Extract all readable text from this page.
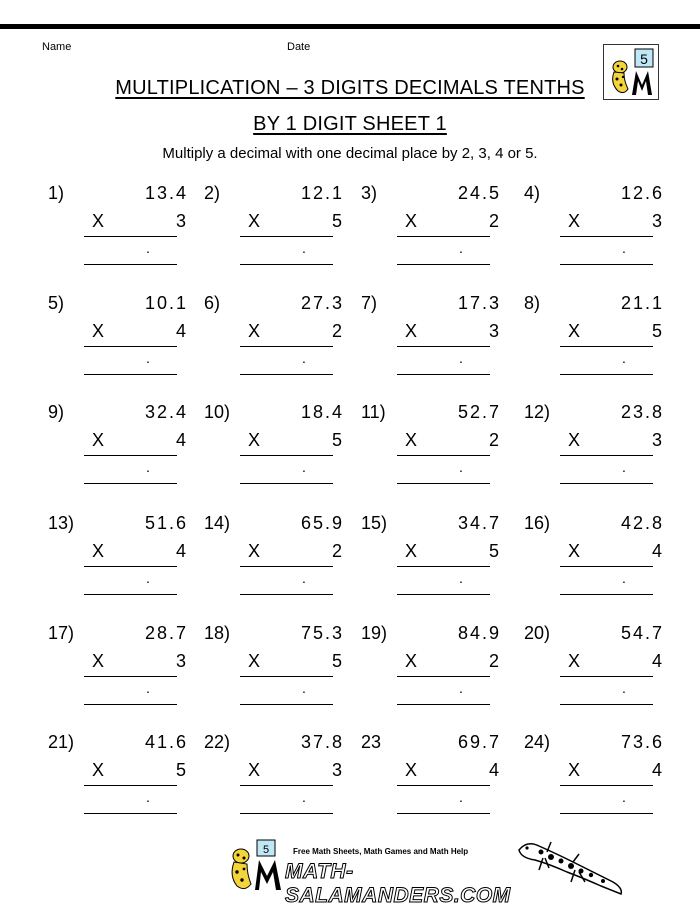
Name	Date
MULTIPLICATION – 3 DIGITS DECIMALS TENTHS
BY 1 DIGIT SHEET 1
Multiply a decimal with one decimal place by 2, 3, 4 or 5.
5
1)	13.4
X	3
.
2)	12.1
X	5
.
3)	24.5
X	2
.
4)	12.6
X	3
.
5)	10.1
X	4
.
6)	27.3
X	2
.
7)	17.3
X	3
.
8)	21.1
X	5
.
9)	32.4
X	4
.
10)	18.4
X	5
.
11)	52.7
X	2
.
12)	23.8
X	3
.
13)	51.6
X	4
.
14)	65.9
X	2
.
15)	34.7
X	5
.
16)	42.8
X	4
.
17)	28.7
X	3
.
18)	75.3
X	5
.
19)	84.9
X	2
.
20)	54.7
X	4
.
21)	41.6
X	5
.
22)	37.8
X	3
.
23	69.7
X	4
.
24)	73.6
X	4
.
5	Free Math Sheets, Math Games and Math Help
MATH-SALAMANDERS.COM
